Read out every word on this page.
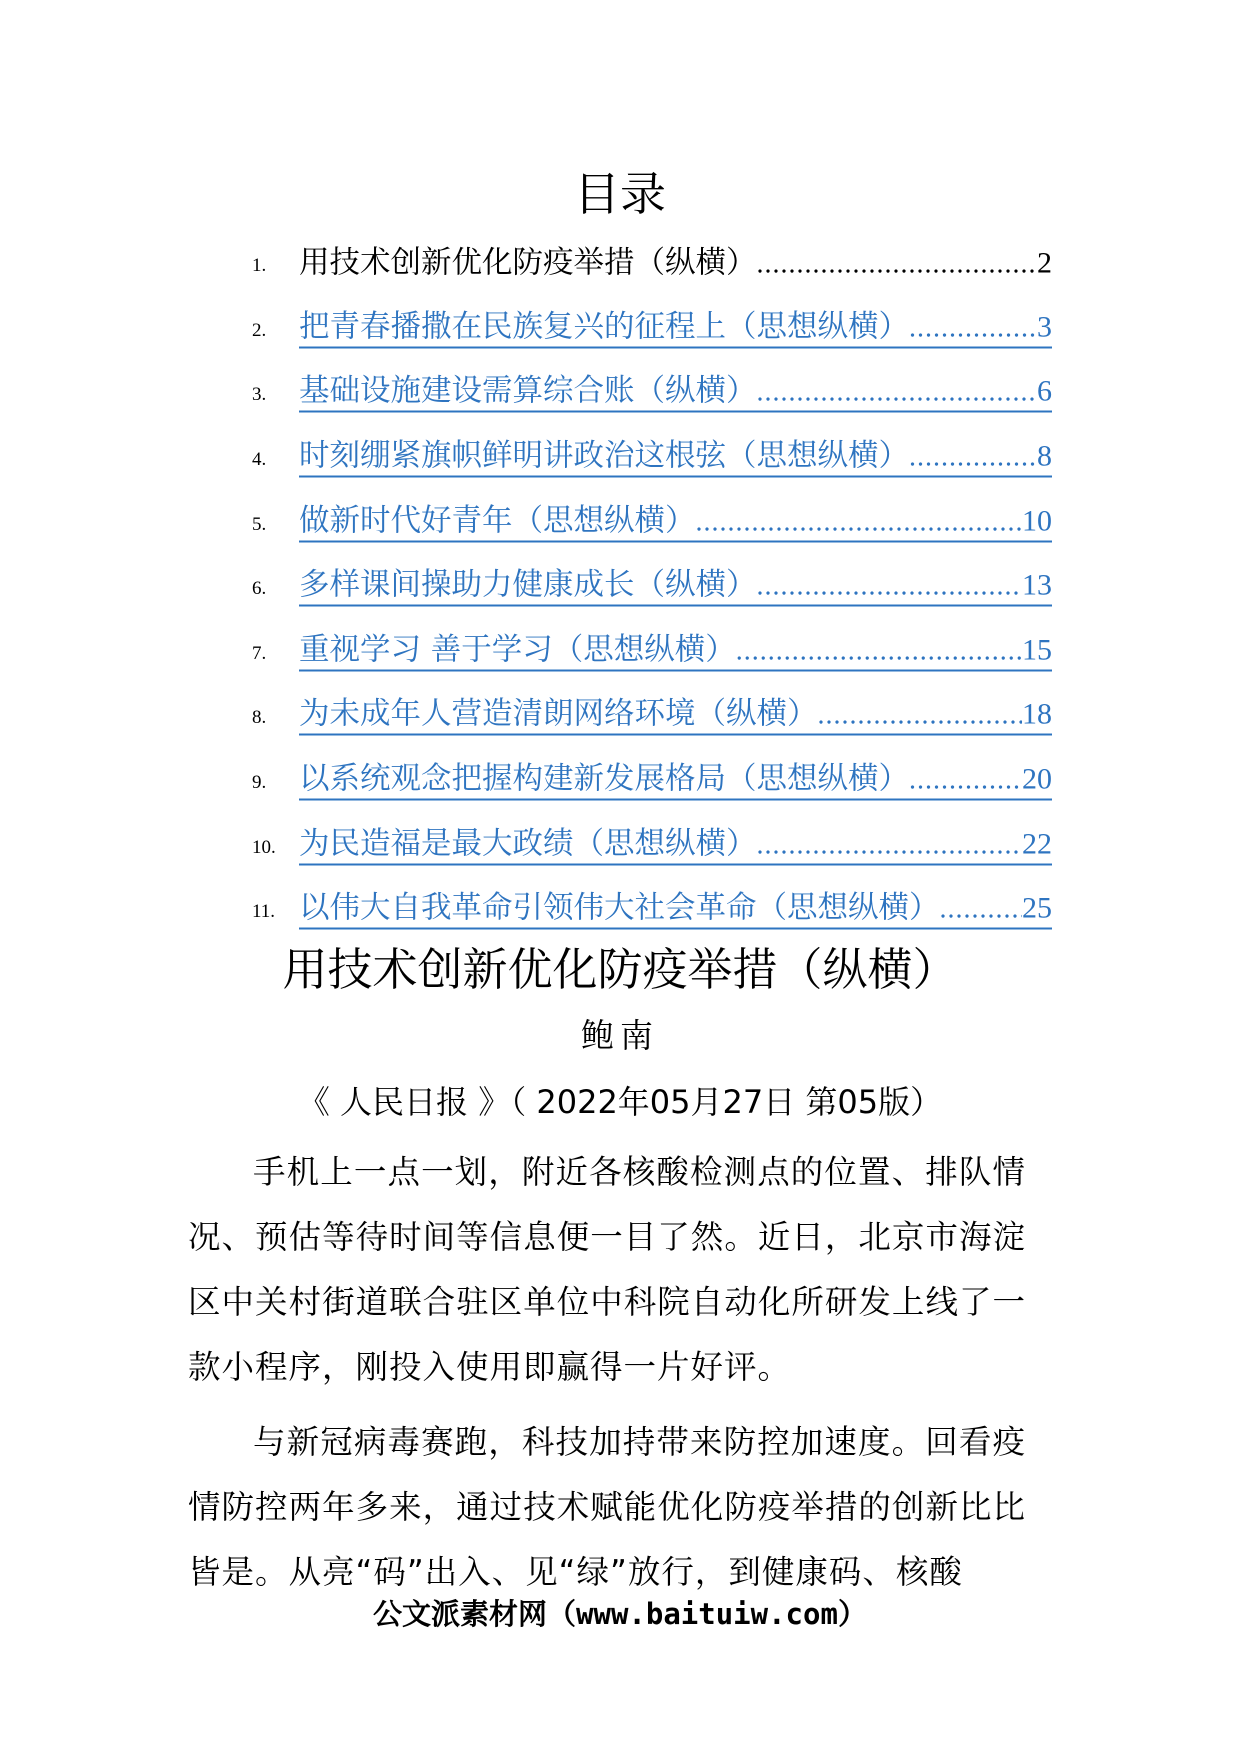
目录
1. 用技术创新优化防疫举措（纵横） .....	2
2. 把青春播撒在民族复兴的征程上（思想纵横） .....	3
3. 基础设施建设需算综合账（纵横） .....	6
4. 时刻绷紧旗帜鲜明讲政治这根弦（思想纵横） .....	8
5. 做新时代好青年（思想纵横） .....	10
6. 多样课间操助力健康成长（纵横） .....	13
7. 重视学习 善于学习（思想纵横） .....	15
8. 为未成年人营造清朗网络环境（纵横） .....	18
9. 以系统观念把握构建新发展格局（思想纵横） .....	20
10. 为民造福是最大政绩（思想纵横） .....	22
11. 以伟大自我革命引领伟大社会革命（思想纵横） .....	25
用技术创新优化防疫举措（纵横）
鲍南
《 人民日报 》（ 2022年05月27日 第05版）

手机上一点一划，附近各核酸检测点的位置、排队情况、预估等待时间等信息便一目了然。近日，北京市海淀区中关村街道联合驻区单位中科院自动化所研发上线了一款小程序，刚投入使用即赢得一片好评。

与新冠病毒赛跑，科技加持带来防控加速度。回看疫情防控两年多来，通过技术赋能优化防疫举措的创新比比皆是。从亮“码”出入、见“绿”放行，到健康码、核酸

公文派素材网（www.baituiw.com）
